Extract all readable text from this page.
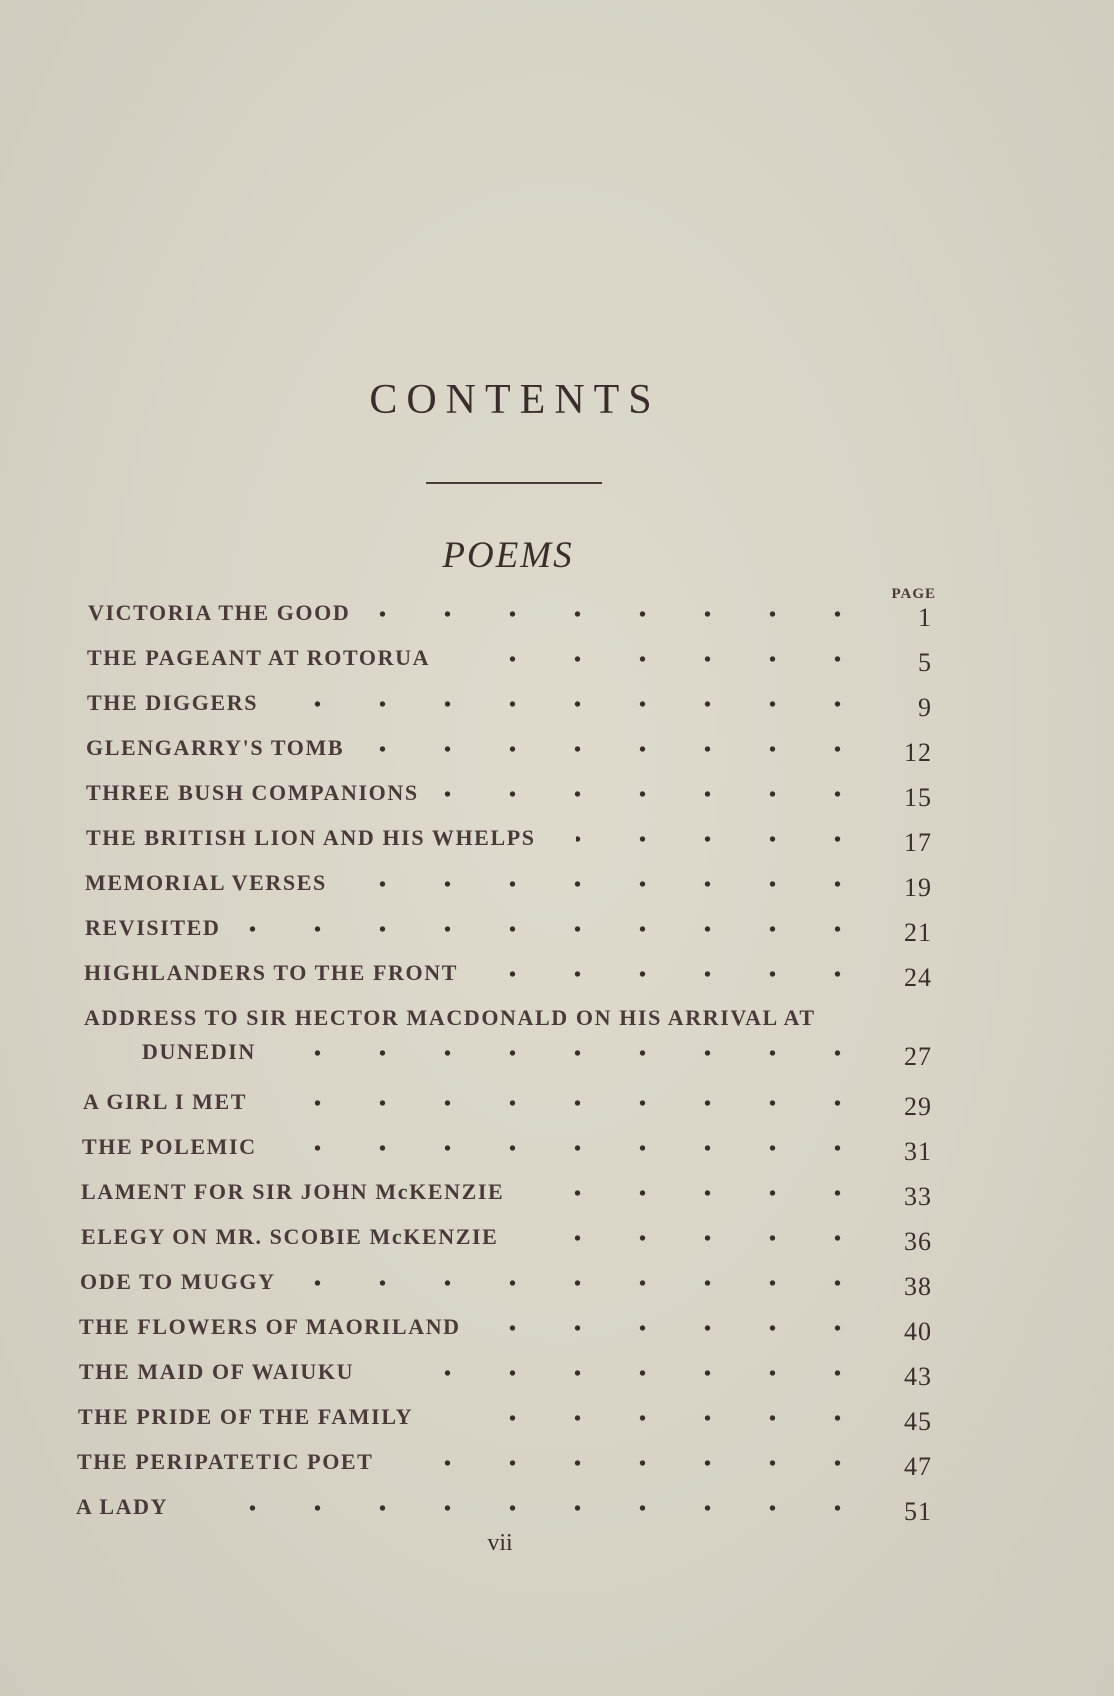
CONTENTS
POEMS
PAGE
VICTORIA THE GOOD	1
THE PAGEANT AT ROTORUA	5
THE DIGGERS	9
GLENGARRY'S TOMB	12
THREE BUSH COMPANIONS	15
THE BRITISH LION AND HIS WHELPS	17
MEMORIAL VERSES	19
REVISITED	21
HIGHLANDERS TO THE FRONT	24
ADDRESS TO SIR HECTOR MACDONALD ON HIS ARRIVAL AT
DUNEDIN	27
A GIRL I MET	29
THE POLEMIC	31
LAMENT FOR SIR JOHN McKENZIE	33
ELEGY ON MR. SCOBIE McKENZIE	36
ODE TO MUGGY	38
THE FLOWERS OF MAORILAND	40
THE MAID OF WAIUKU	43
THE PRIDE OF THE FAMILY	45
THE PERIPATETIC POET	47
A LADY	51
vii
